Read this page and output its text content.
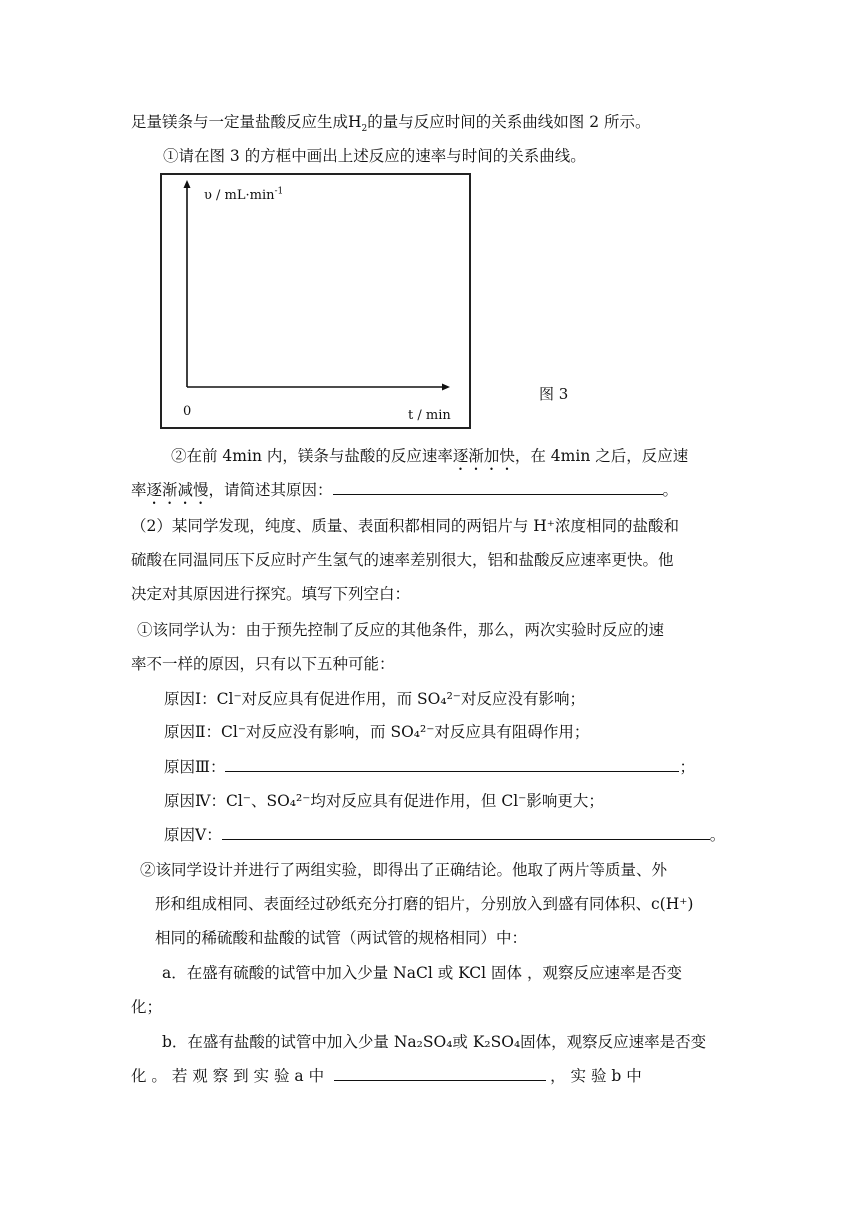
足量镁条与一定量盐酸反应生成$H_2$的量与反应时间的关系曲线如图 2 所示。
①请在图 3 的方框中画出上述反应的速率与时间的关系曲线。
$\upsilon / mL\cdot\min^{-1}$
0	t / min
图 3
②在前 4min 内，镁条与盐酸的反应速率逐渐加快，在 4min 之后，反应速
率逐渐减慢，请简述其原因：	。
（2）某同学发现，纯度、质量、表面积都相同的两铝片与 H⁺浓度相同的盐酸和
硫酸在同温同压下反应时产生氢气的速率差别很大，铝和盐酸反应速率更快。他
决定对其原因进行探究。填写下列空白：
①该同学认为：由于预先控制了反应的其他条件，那么，两次实验时反应的速
率不一样的原因，只有以下五种可能：
原因Ⅰ：Cl⁻对反应具有促进作用，而 SO₄²⁻对反应没有影响；
原因Ⅱ：Cl⁻对反应没有影响，而 SO₄²⁻对反应具有阻碍作用；
原因Ⅲ：	；
原因Ⅳ：Cl⁻、SO₄²⁻均对反应具有促进作用，但 Cl⁻影响更大；
原因Ⅴ：	。
②该同学设计并进行了两组实验，即得出了正确结论。他取了两片等质量、外
形和组成相同、表面经过砂纸充分打磨的铝片，分别放入到盛有同体积、c(H⁺)
相同的稀硫酸和盐酸的试管（两试管的规格相同）中：
a．在盛有硫酸的试管中加入少量 NaCl 或 KCl 固体 ，观察反应速率是否变
化；
b．在盛有盐酸的试管中加入少量 Na₂SO₄或 K₂SO₄固体，观察反应速率是否变
化 。 若 观 察 到 实 验 a 中	， 实 验 b 中
